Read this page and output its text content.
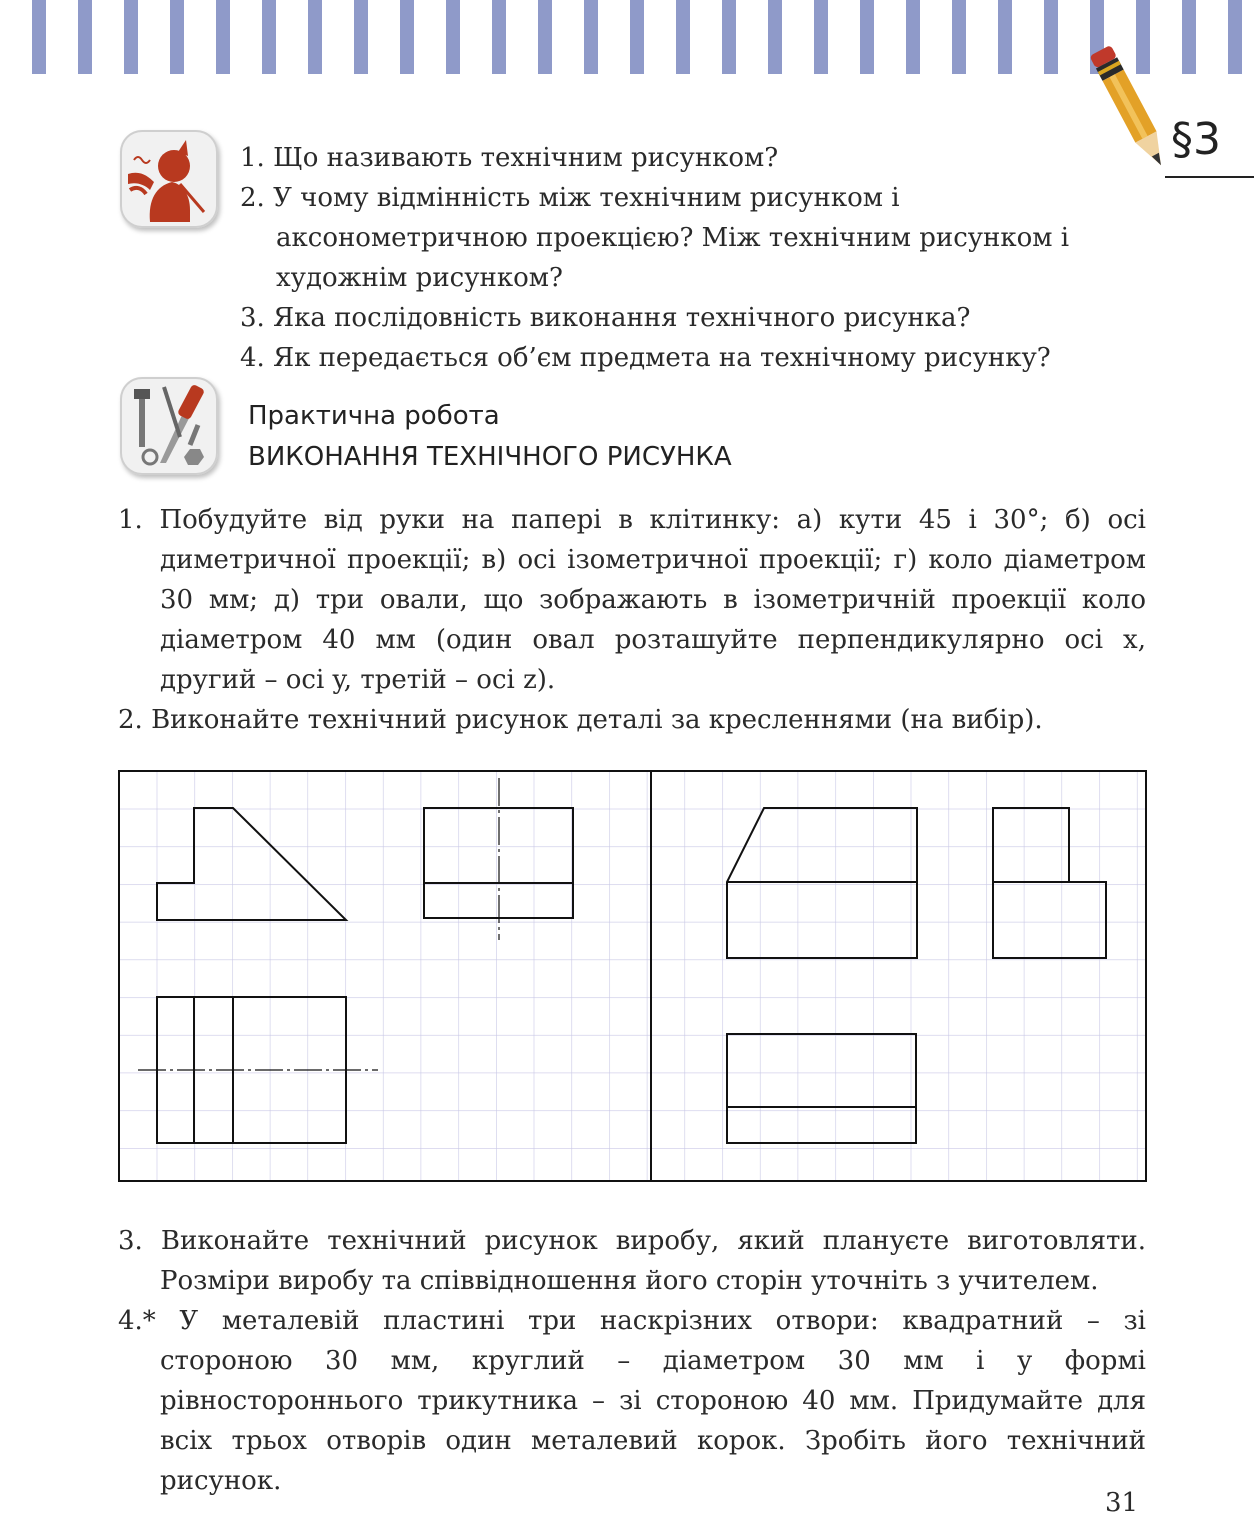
§3
1. Що називають технічним рисунком?
2. У чому відмінність між технічним рисунком і аксонометричною проекцією? Між технічним рисунком і художнім рисунком?
3. Яка послідовність виконання технічного рисунка?
4. Як передається об’єм предмета на технічному рисунку?
Практична робота
ВИКОНАННЯ ТЕХНІЧНОГО РИСУНКА
1. Побудуйте від руки на папері в клітинку: а) кути 45 і 30°; б) осі диметричної проекції; в) осі ізометричної проекції; г) коло діаметром 30 мм; д) три овали, що зображають в ізометричній проекції коло діаметром 40 мм (один овал розташуйте перпендикулярно осі x, другий – осі y, третій – осі z).
2. Виконайте технічний рисунок деталі за кресленнями (на вибір).
3. Виконайте технічний рисунок виробу, який плануєте виготовляти. Розміри виробу та співвідношення його сторін уточніть з учителем.
4.* У металевій пластині три наскрізних отвори: квадратний – зі стороною 30 мм, круглий – діаметром 30 мм і у формі рівностороннього трикутника – зі стороною 40 мм. Придумайте для всіх трьох отворів один металевий корок. Зробіть його технічний рисунок.
31
